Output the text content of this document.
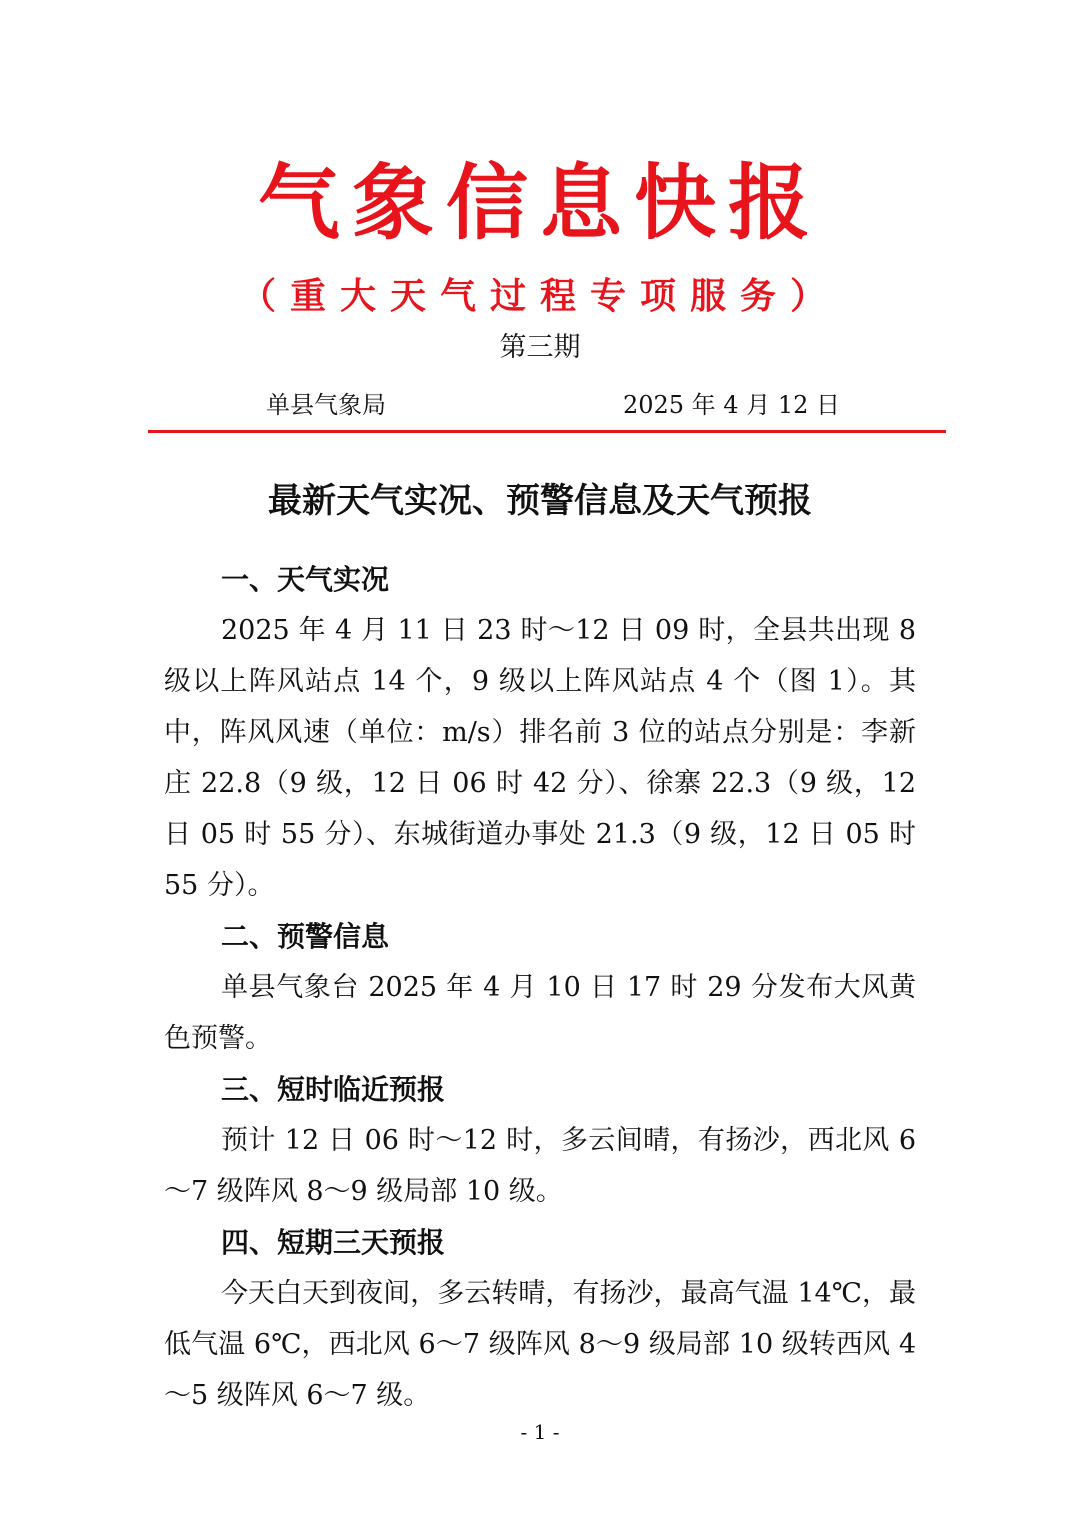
气象信息快报
（重大天气过程专项服务）
第三期
单县气象局	2025 年 4 月 12 日
最新天气实况、预警信息及天气预报

一、天气实况

2025 年 4 月 11 日 23 时～12 日 09 时，全县共出现 8 级以上阵风站点 14 个，9 级以上阵风站点 4 个（图 1）。其中，阵风风速（单位：m/s）排名前 3 位的站点分别是：李新庄 22.8（9 级，12 日 06 时 42 分）、徐寨 22.3（9 级，12 日 05 时 55 分）、东城街道办事处 21.3（9 级，12 日 05 时 55 分）。

二、预警信息

单县气象台 2025 年 4 月 10 日 17 时 29 分发布大风黄色预警。

三、短时临近预报

预计 12 日 06 时～12 时，多云间晴，有扬沙，西北风 6～7 级阵风 8～9 级局部 10 级。

四、短期三天预报

今天白天到夜间，多云转晴，有扬沙，最高气温 14℃，最低气温 6℃，西北风 6～7 级阵风 8～9 级局部 10 级转西风 4～5 级阵风 6～7 级。

- 1 -
